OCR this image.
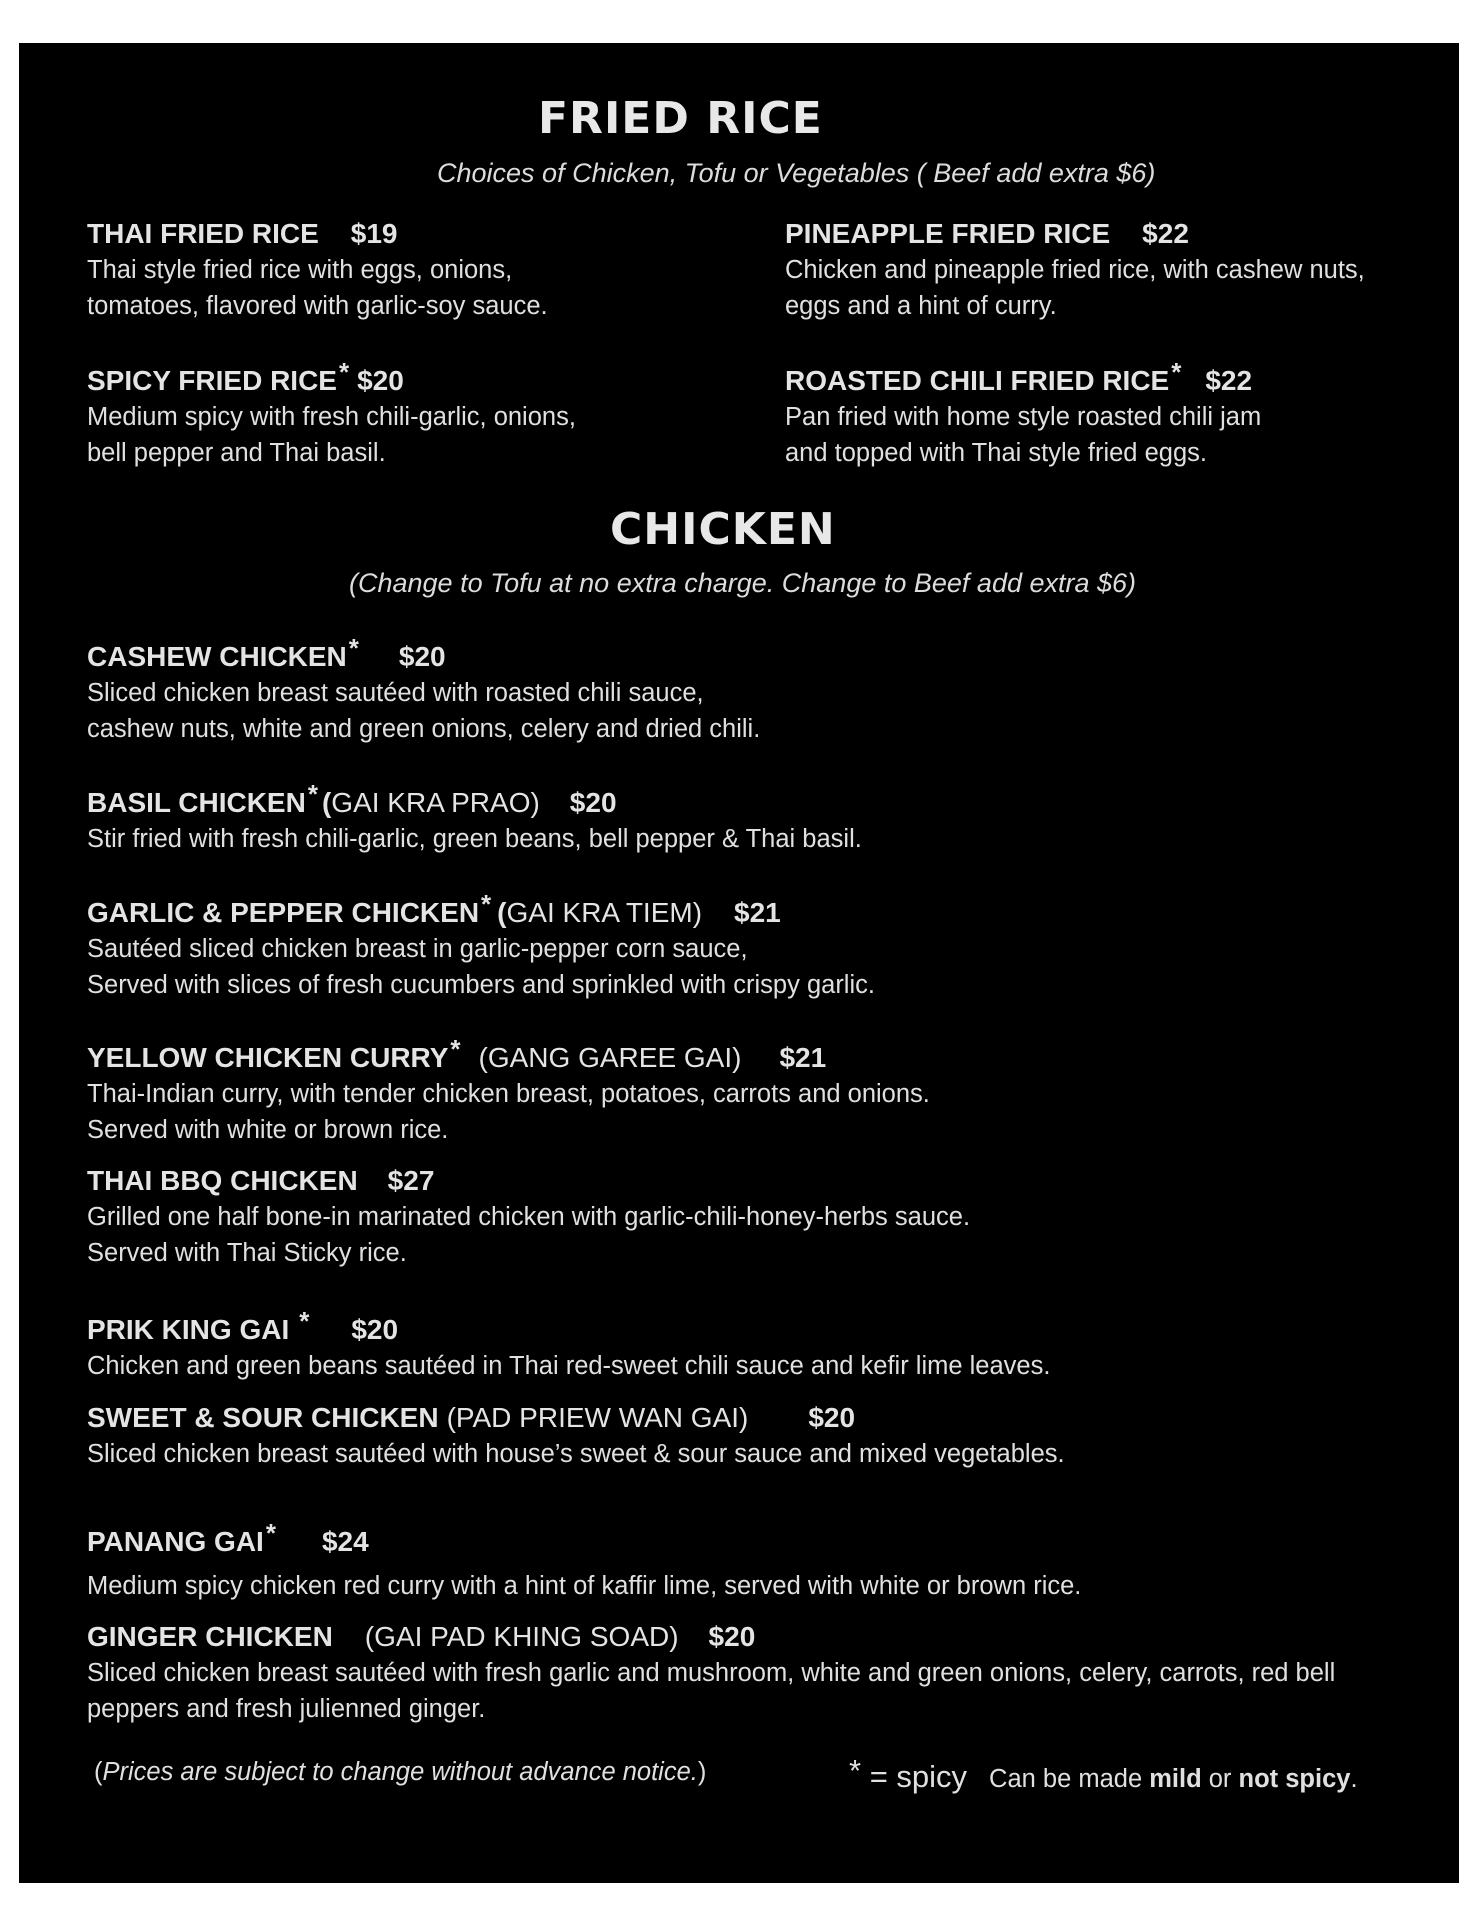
FRIED RICE

Choices of Chicken, Tofu or Vegetables ( Beef add extra $6)

THAI FRIED RICE $19
Thai style fried rice with eggs, onions,
tomatoes, flavored with garlic-soy sauce.
PINEAPPLE FRIED RICE $22
Chicken and pineapple fried rice, with cashew nuts,
eggs and a hint of curry.
SPICY FRIED RICE* $20
Medium spicy with fresh chili-garlic, onions,
bell pepper and Thai basil.
ROASTED CHILI FRIED RICE* $22
Pan fried with home style roasted chili jam
and topped with Thai style fried eggs.
CHICKEN

(Change to Tofu at no extra charge. Change to Beef add extra $6)

CASHEW CHICKEN* $20
Sliced chicken breast sautéed with roasted chili sauce,
cashew nuts, white and green onions, celery and dried chili.
BASIL CHICKEN* (GAI KRA PRAO) $20
Stir fried with fresh chili-garlic, green beans, bell pepper & Thai basil.
GARLIC & PEPPER CHICKEN* (GAI KRA TIEM) $21
Sautéed sliced chicken breast in garlic-pepper corn sauce,
Served with slices of fresh cucumbers and sprinkled with crispy garlic.
YELLOW CHICKEN CURRY* (GANG GAREE GAI) $21
Thai-Indian curry, with tender chicken breast, potatoes, carrots and onions.
Served with white or brown rice.
THAI BBQ CHICKEN $27
Grilled one half bone-in marinated chicken with garlic-chili-honey-herbs sauce.
Served with Thai Sticky rice.
PRIK KING GAI * $20
Chicken and green beans sautéed in Thai red-sweet chili sauce and kefir lime leaves.
SWEET & SOUR CHICKEN (PAD PRIEW WAN GAI) $20
Sliced chicken breast sautéed with house’s sweet & sour sauce and mixed vegetables.
PANANG GAI* $24
Medium spicy chicken red curry with a hint of kaffir lime, served with white or brown rice.
GINGER CHICKEN (GAI PAD KHING SOAD) $20
Sliced chicken breast sautéed with fresh garlic and mushroom, white and green onions, celery, carrots, red bell
peppers and fresh julienned ginger.
(Prices are subject to change without advance notice.)	* = spicy Can be made mild or not spicy.
